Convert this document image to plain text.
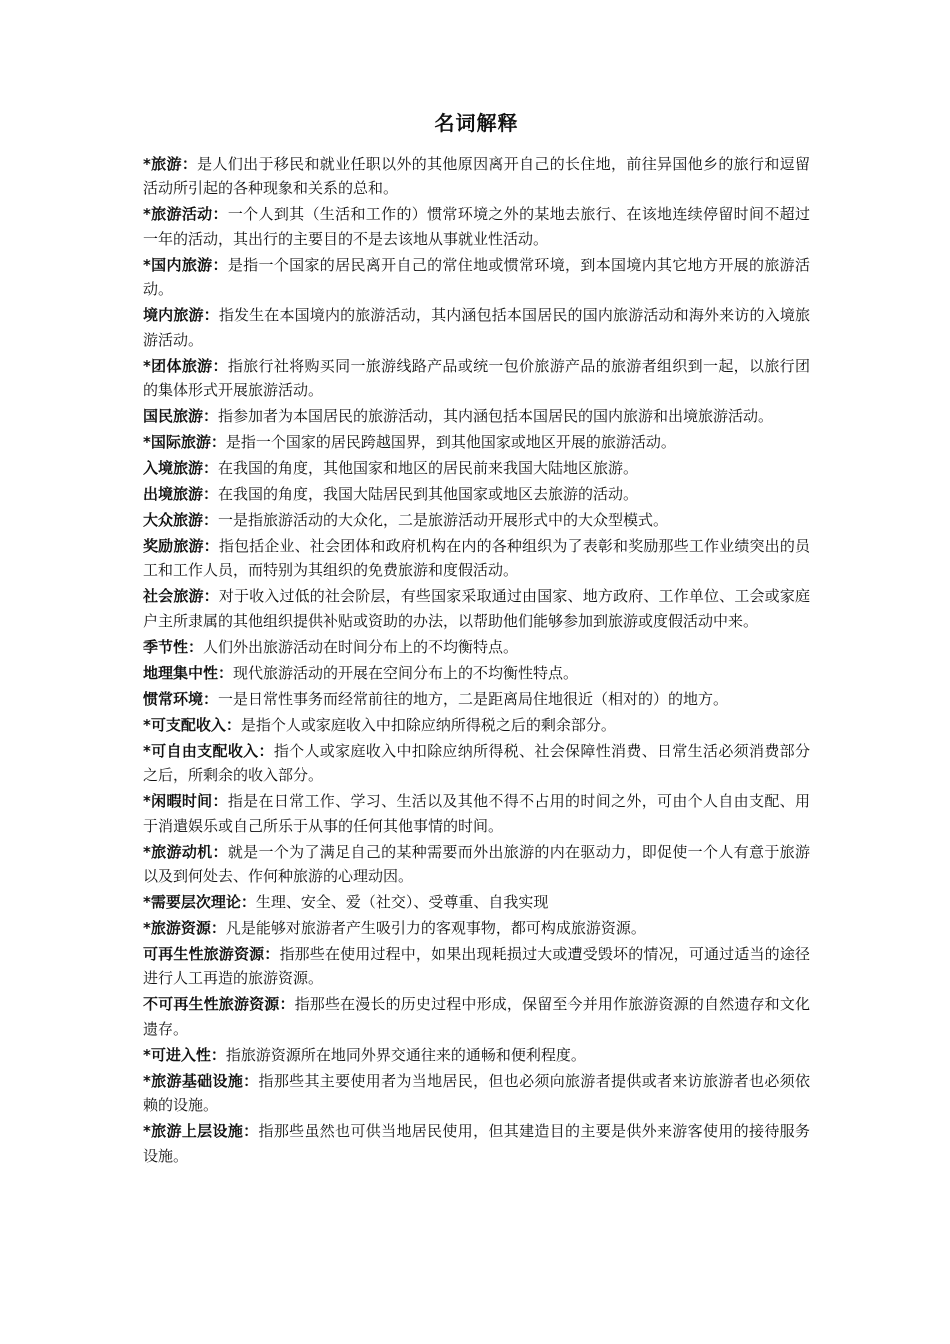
名词解释

*旅游：是人们出于移民和就业任职以外的其他原因离开自己的长住地，前往异国他乡的旅行和逗留活动所引起的各种现象和关系的总和。

*旅游活动：一个人到其（生活和工作的）惯常环境之外的某地去旅行、在该地连续停留时间不超过一年的活动，其出行的主要目的不是去该地从事就业性活动。

*国内旅游：是指一个国家的居民离开自己的常住地或惯常环境，到本国境内其它地方开展的旅游活动。

境内旅游：指发生在本国境内的旅游活动，其内涵包括本国居民的国内旅游活动和海外来访的入境旅游活动。

*团体旅游：指旅行社将购买同一旅游线路产品或统一包价旅游产品的旅游者组织到一起，以旅行团的集体形式开展旅游活动。

国民旅游：指参加者为本国居民的旅游活动，其内涵包括本国居民的国内旅游和出境旅游活动。

*国际旅游：是指一个国家的居民跨越国界，到其他国家或地区开展的旅游活动。

入境旅游：在我国的角度，其他国家和地区的居民前来我国大陆地区旅游。

出境旅游：在我国的角度，我国大陆居民到其他国家或地区去旅游的活动。

大众旅游：一是指旅游活动的大众化，二是旅游活动开展形式中的大众型模式。

奖励旅游：指包括企业、社会团体和政府机构在内的各种组织为了表彰和奖励那些工作业绩突出的员工和工作人员，而特别为其组织的免费旅游和度假活动。

社会旅游：对于收入过低的社会阶层，有些国家采取通过由国家、地方政府、工作单位、工会或家庭户主所隶属的其他组织提供补贴或资助的办法，以帮助他们能够参加到旅游或度假活动中来。

季节性：人们外出旅游活动在时间分布上的不均衡特点。

地理集中性：现代旅游活动的开展在空间分布上的不均衡性特点。

惯常环境：一是日常性事务而经常前往的地方，二是距离局住地很近（相对的）的地方。

*可支配收入：是指个人或家庭收入中扣除应纳所得税之后的剩余部分。

*可自由支配收入：指个人或家庭收入中扣除应纳所得税、社会保障性消费、日常生活必须消费部分之后，所剩余的收入部分。

*闲暇时间：指是在日常工作、学习、生活以及其他不得不占用的时间之外，可由个人自由支配、用于消遣娱乐或自己所乐于从事的任何其他事情的时间。

*旅游动机：就是一个为了满足自己的某种需要而外出旅游的内在驱动力，即促使一个人有意于旅游以及到何处去、作何种旅游的心理动因。

*需要层次理论：生理、安全、爱（社交）、受尊重、自我实现

*旅游资源：凡是能够对旅游者产生吸引力的客观事物，都可构成旅游资源。

可再生性旅游资源：指那些在使用过程中，如果出现耗损过大或遭受毁坏的情况，可通过适当的途径进行人工再造的旅游资源。

不可再生性旅游资源：指那些在漫长的历史过程中形成，保留至今并用作旅游资源的自然遗存和文化遗存。

*可进入性：指旅游资源所在地同外界交通往来的通畅和便利程度。

*旅游基础设施：指那些其主要使用者为当地居民，但也必须向旅游者提供或者来访旅游者也必须依赖的设施。

*旅游上层设施：指那些虽然也可供当地居民使用，但其建造目的主要是供外来游客使用的接待服务设施。
